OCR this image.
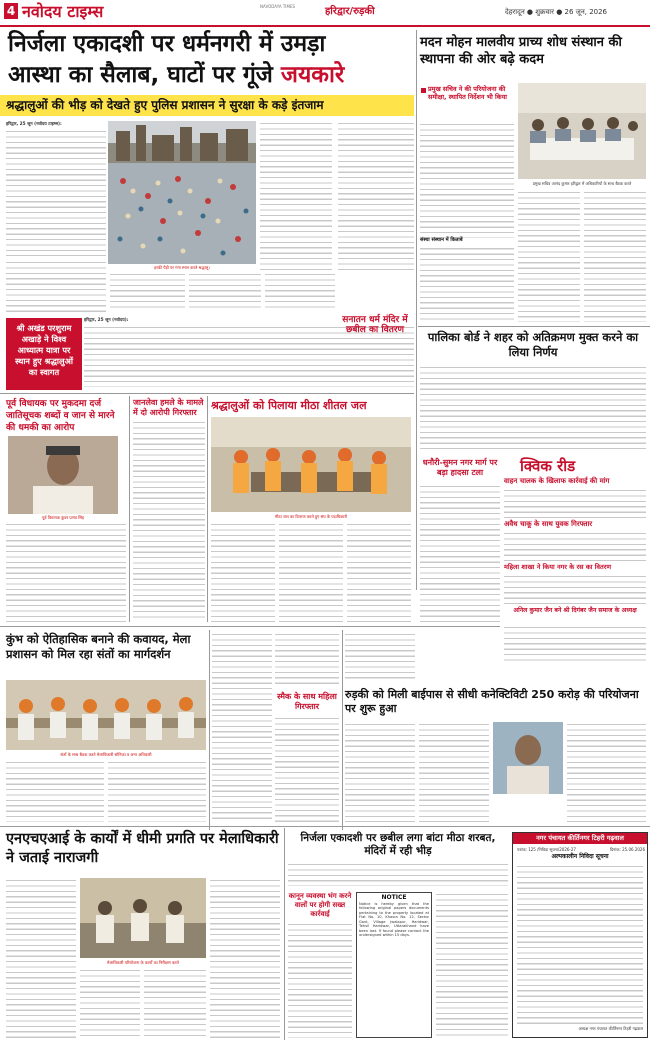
4 नवोदय टाइम्स	NAVODAYA TIMES	हरिद्वार/रुड़की	देहरादून ● शुक्रवार ● 26 जून, 2026
निर्जला एकादशी पर धर्मनगरी में उमड़ा
आस्था का सैलाब, घाटों पर गूंजे जयकारे
श्रद्धालुओं की भीड़ को देखते हुए पुलिस प्रशासन ने सुरक्षा के कड़े इंतजाम
हरिद्वार, 25 जून (नवोदय टाइम्स):
हरकी पैड़ी पर गंगा स्नान करते श्रद्धालु।
श्री अखंड परशुराम अखाड़े ने विश्व आध्यात्म यात्रा पर स्थान हुए श्रद्धालुओं का स्वागत
हरिद्वार, 25 जून (नवोदय):	सनातन धर्म मंदिर में छबील का वितरण
मदन मोहन मालवीय प्राच्य शोध संस्थान की स्थापना की ओर बढ़े कदम
प्रमुख सचिव ने की परियोजना की समीक्षा, स्थापित निर्देशन भी किया
प्रमुख सचिव आनंद कुमार हरिद्वार में अधिकारियों के साथ बैठक करते
संस्था संस्थान में किताबें
पालिका बोर्ड ने शहर को अतिक्रमण मुक्त करने का लिया निर्णय
पूर्व विधायक पर मुकदमा दर्ज जातिसूचक शब्दों व जान से मारने की धमकी का आरोप
पूर्व विधायक कुंवर प्रणव सिंह
जानलेवा हमले के मामले में दो आरोपी गिरफ्तार
श्रद्धालुओं को पिलाया मीठा शीतल जल
मीठा जल का वितरण करते हुए संघ के पदाधिकारी
धनौरी-सुमन नगर मार्ग पर बड़ा हादसा टला	क्विक रीड
वाहन चालक के खिलाफ कार्रवाई की मांग
अवैध चाकू के साथ युवक गिरफ्तार
महिला शाखा ने किया नगर के रस का वितरण
अनिल कुमार जैन बने श्री दिगंबर जैन समाज के अध्यक्ष
कुंभ को ऐतिहासिक बनाने की कवायद, मेला प्रशासन को मिल रहा संतों का मार्गदर्शन
संतों के साथ बैठक करते मेलाधिकारी सोनिका व अन्य अधिकारी
स्मैक के साथ महिला गिरफ्तार
रुड़की को मिली बाईपास से सीधी कनेक्टिविटी 250 करोड़ की परियोजना पर शुरू हुआ
एनएचएआई के कार्यों में धीमी प्रगति पर मेलाधिकारी ने जताई नाराजगी
मेलाधिकारी परियोजना के कार्यों का निरीक्षण करते
निर्जला एकादशी पर छबील लगा बांटा मीठा शरबत, मंदिरों में रही भीड़
कानून व्यवस्था भंग करने वालों पर होगी सख्त कार्रवाई
NOTICE
Notice is hereby given that the following original papers documents pertaining to the property located at Flat No. 10, Khasra No. 12, Sector Govt, Village Jwalapur, Haridwar, Tehsil Haridwar, Uttarakhand have been lost. If found please contact the undersigned within 15 days.
नगर पंचायत कीर्तिनगर टिहरी गढ़वाल
पत्रांक: 125 /निविदा सूचना/2026-27	दिनांक: 25.06.2026
अल्पकालीन निविदा सूचना
अध्यक्ष नगर पंचायत कीर्तिनगर टिहरी गढ़वाल
